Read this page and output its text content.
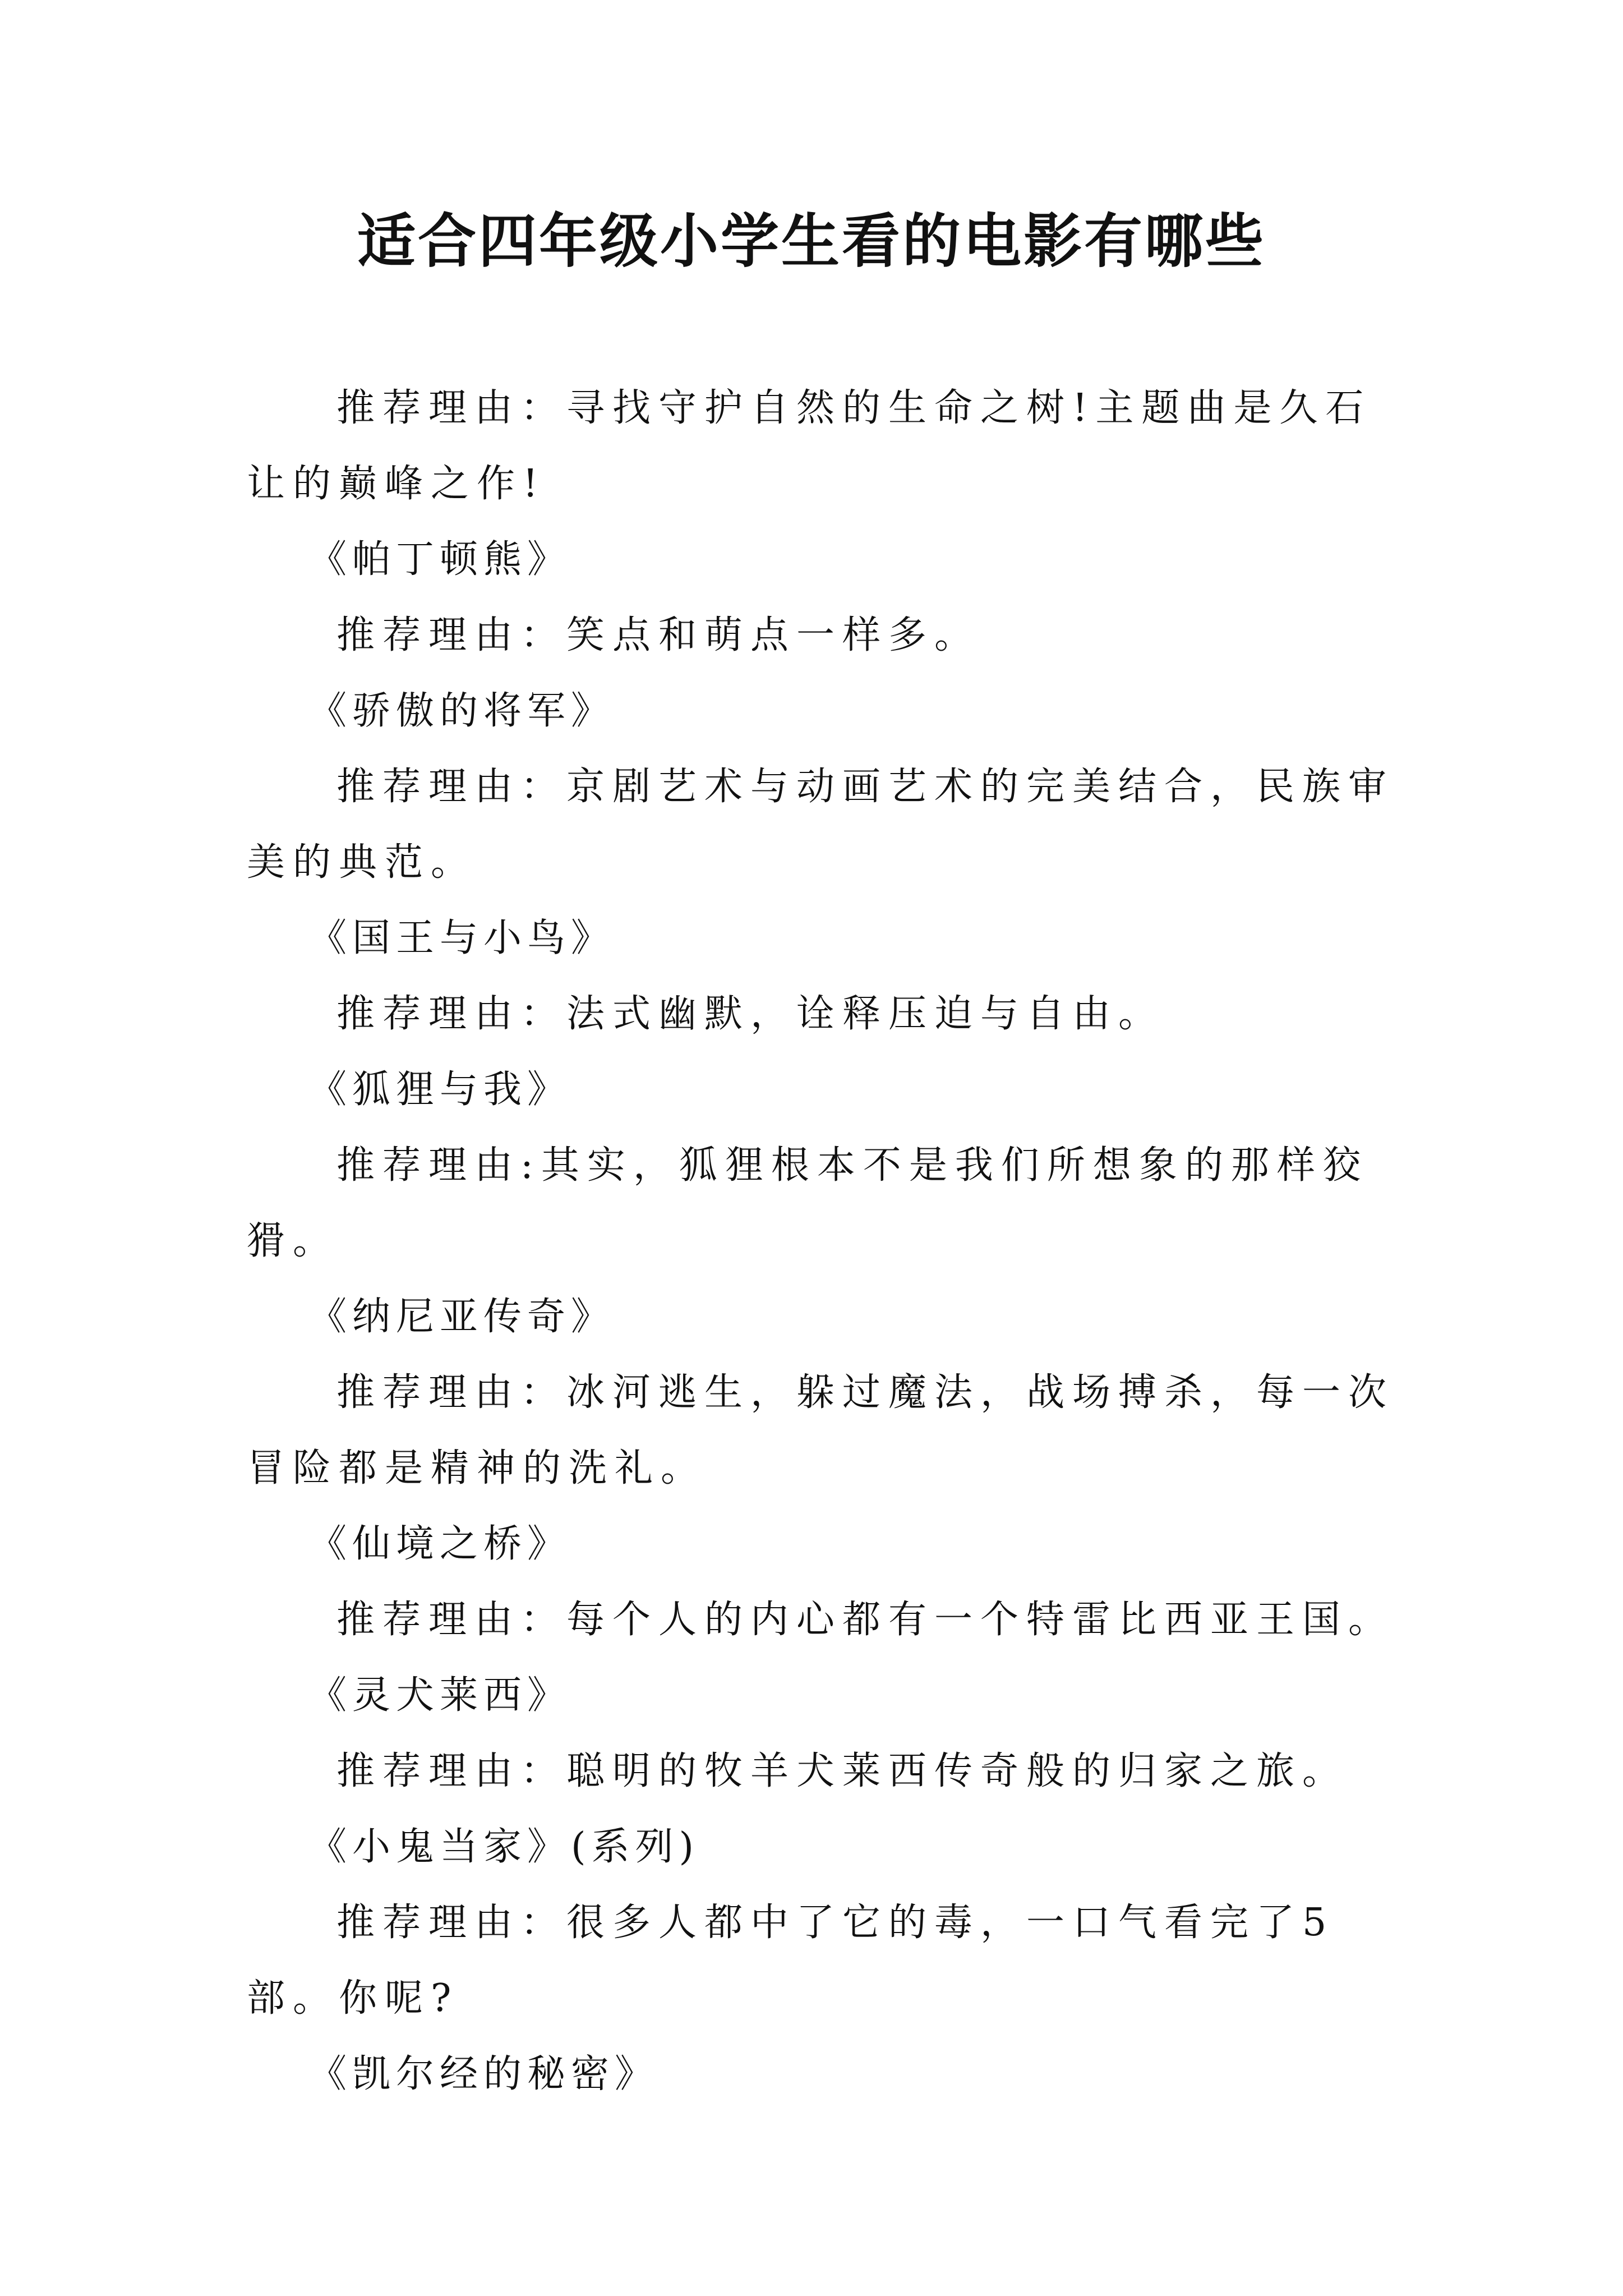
适合四年级小学生看的电影有哪些

推荐理由：寻找守护自然的生命之树!主题曲是久石让的巅峰之作!

《帕丁顿熊》

推荐理由：笑点和萌点一样多。

《骄傲的将军》

推荐理由：京剧艺术与动画艺术的完美结合，民族审美的典范。

《国王与小鸟》

推荐理由：法式幽默，诠释压迫与自由。

《狐狸与我》

推荐理由:其实，狐狸根本不是我们所想象的那样狡猾。

《纳尼亚传奇》

推荐理由：冰河逃生，躲过魔法，战场搏杀，每一次冒险都是精神的洗礼。

《仙境之桥》

推荐理由：每个人的内心都有一个特雷比西亚王国。

《灵犬莱西》

推荐理由：聪明的牧羊犬莱西传奇般的归家之旅。

《小鬼当家》(系列)

推荐理由：很多人都中了它的毒，一口气看完了5部。你呢?

《凯尔经的秘密》
